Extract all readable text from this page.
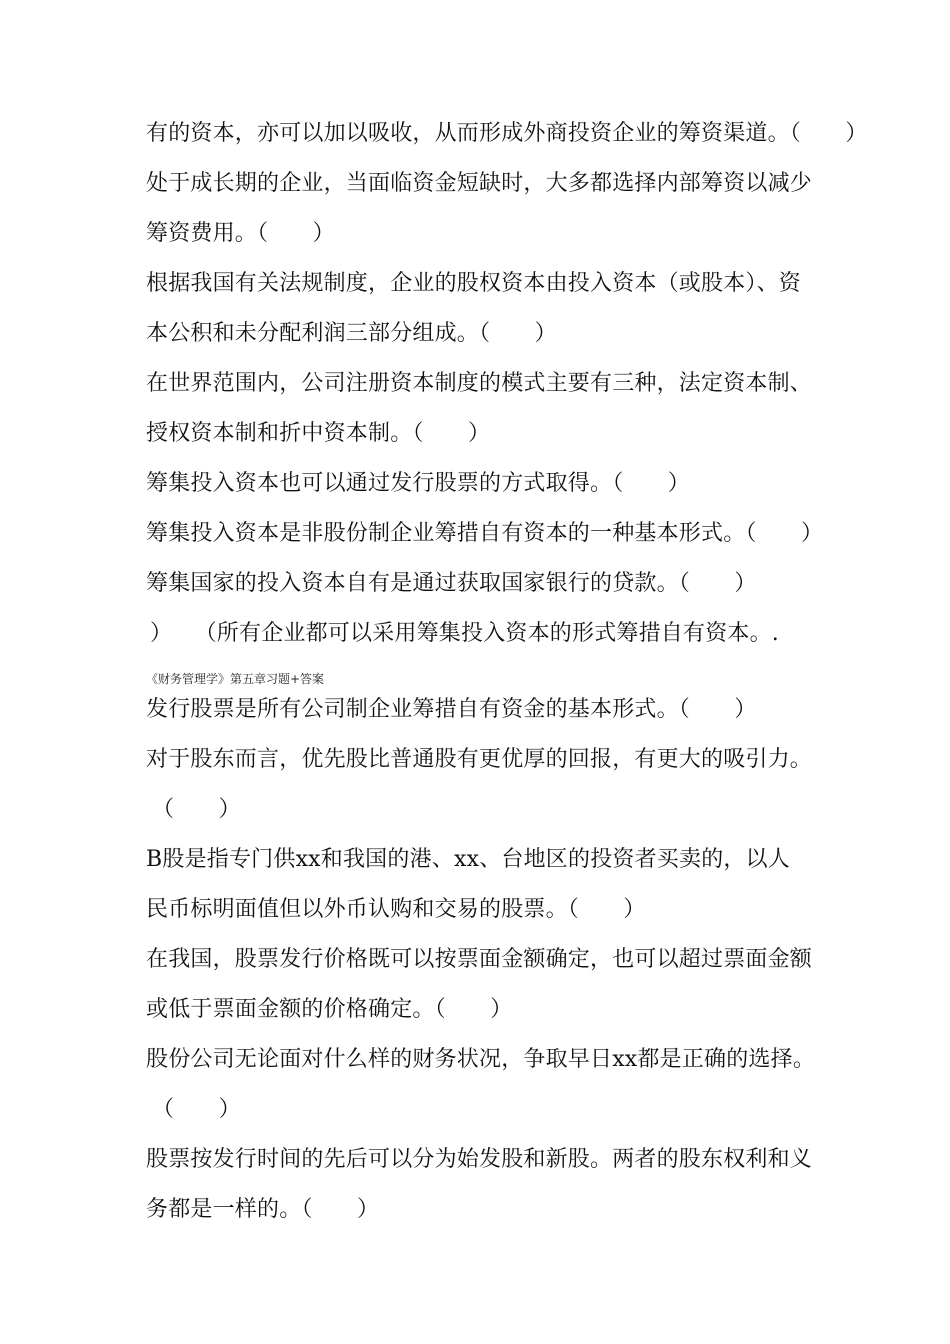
有的资本，亦可以加以吸收，从而形成外商投资企业的筹资渠道。（　　）
处于成长期的企业，当面临资金短缺时，大多都选择内部筹资以减少
筹资费用。（　　）
根据我国有关法规制度，企业的股权资本由投入资本（或股本）、资
本公积和未分配利润三部分组成。（　　）
在世界范围内，公司注册资本制度的模式主要有三种，法定资本制、
授权资本制和折中资本制。（　　）
筹集投入资本也可以通过发行股票的方式取得。（　　）
筹集投入资本是非股份制企业筹措自有资本的一种基本形式。（　　）
筹集国家的投入资本自有是通过获取国家银行的贷款。（　　）
）　　（所有企业都可以采用筹集投入资本的形式筹措自有资本。.
《财务管理学》第五章习题+答案
发行股票是所有公司制企业筹措自有资金的基本形式。（　　）
对于股东而言，优先股比普通股有更优厚的回报，有更大的吸引力。
（　　）
B股是指专门供xx和我国的港、xx、台地区的投资者买卖的，以人
民币标明面值但以外币认购和交易的股票。（　　）
在我国，股票发行价格既可以按票面金额确定，也可以超过票面金额
或低于票面金额的价格确定。（　　）
股份公司无论面对什么样的财务状况，争取早日xx都是正确的选择。
（　　）
股票按发行时间的先后可以分为始发股和新股。两者的股东权利和义
务都是一样的。（　　）
